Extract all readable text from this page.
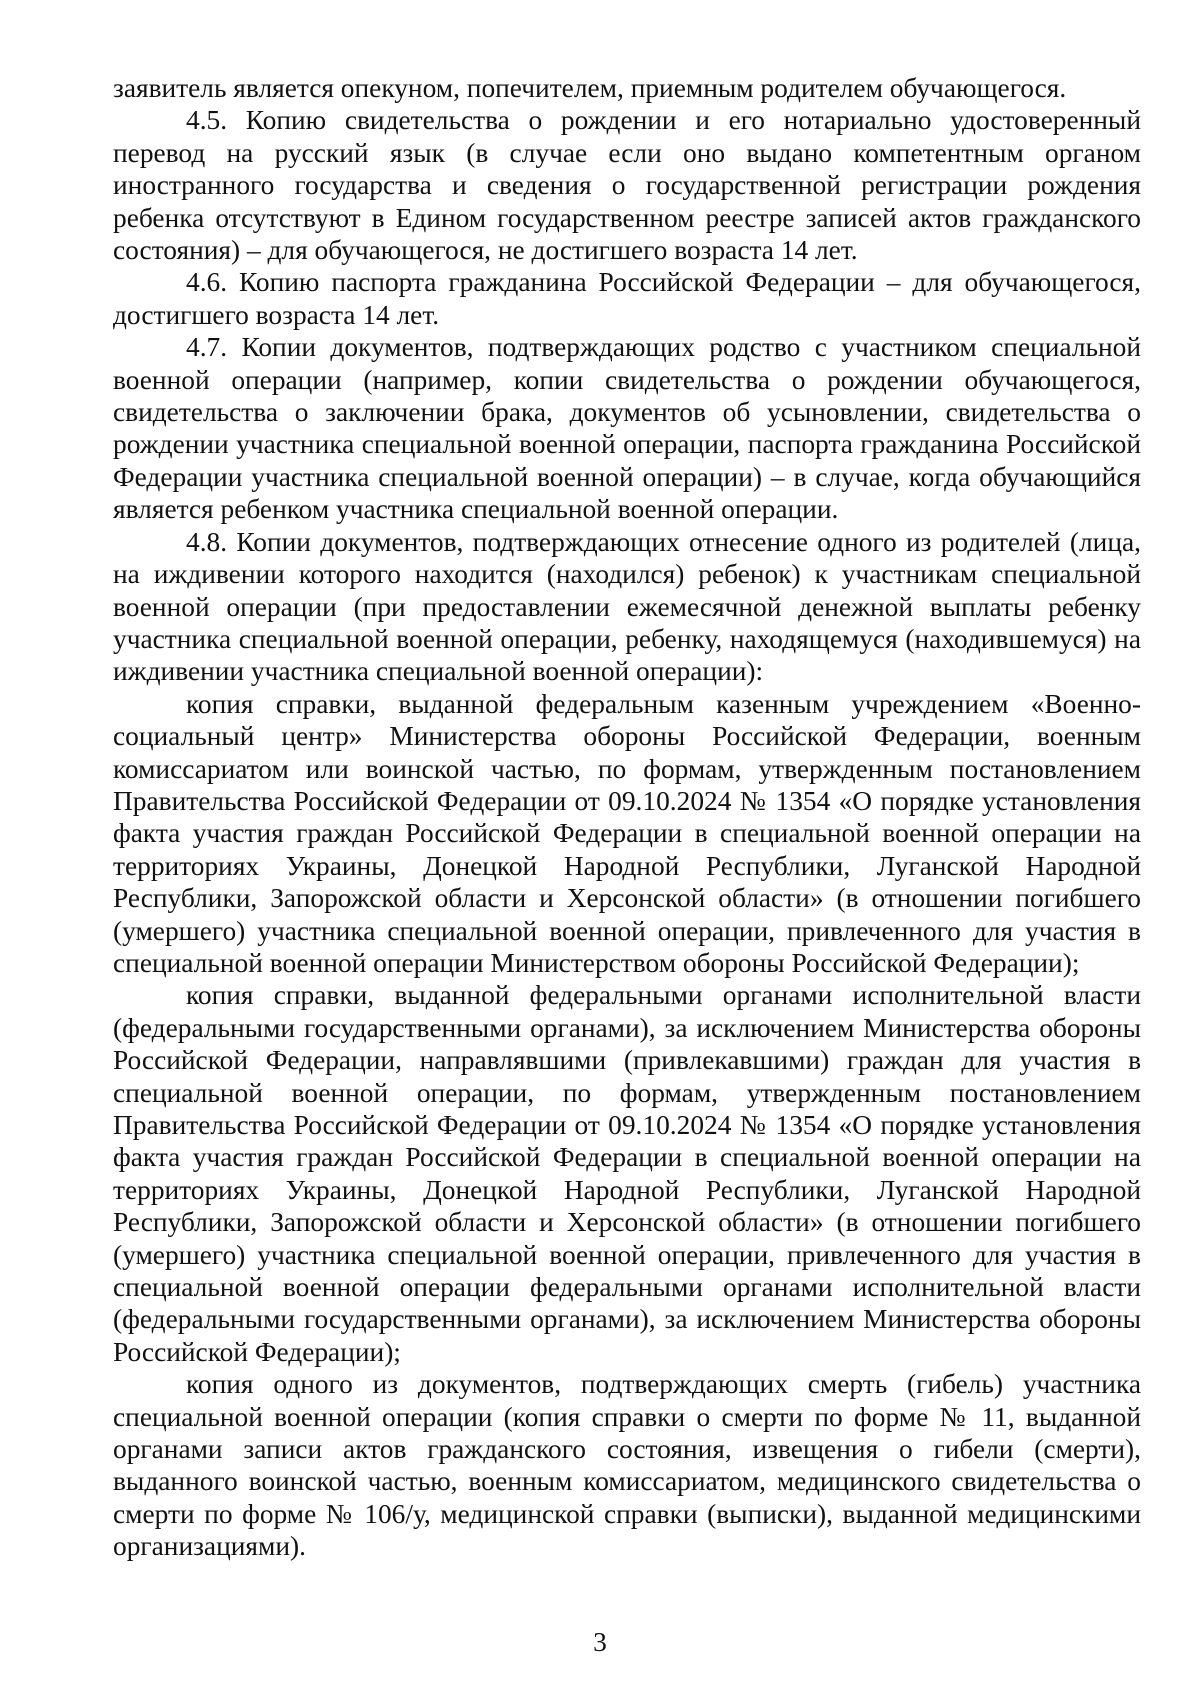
заявитель является опекуном, попечителем, приемным родителем обучающегося.

4.5. Копию свидетельства о рождении и его нотариально удостоверенный перевод на русский язык (в случае если оно выдано компетентным органом иностранного государства и сведения о государственной регистрации рождения ребенка отсутствуют в Едином государственном реестре записей актов гражданского состояния) – для обучающегося, не достигшего возраста 14 лет.

4.6. Копию паспорта гражданина Российской Федерации – для обучающегося, достигшего возраста 14 лет.

4.7. Копии документов, подтверждающих родство с участником специальной военной операции (например, копии свидетельства о рождении обучающегося, свидетельства о заключении брака, документов об усыновлении, свидетельства о рождении участника специальной военной операции, паспорта гражданина Российской Федерации участника специальной военной операции) – в случае, когда обучающийся является ребенком участника специальной военной операции.

4.8. Копии документов, подтверждающих отнесение одного из родителей (лица, на иждивении которого находится (находился) ребенок) к участникам специальной военной операции (при предоставлении ежемесячной денежной выплаты ребенку участника специальной военной операции, ребенку, находящемуся (находившемуся) на иждивении участника специальной военной операции):

копия справки, выданной федеральным казенным учреждением «Военно-социальный центр» Министерства обороны Российской Федерации, военным комиссариатом или воинской частью, по формам, утвержденным постановлением Правительства Российской Федерации от 09.10.2024 № 1354 «О порядке установления факта участия граждан Российской Федерации в специальной военной операции на территориях Украины, Донецкой Народной Республики, Луганской Народной Республики, Запорожской области и Херсонской области» (в отношении погибшего (умершего) участника специальной военной операции, привлеченного для участия в специальной военной операции Министерством обороны Российской Федерации);

копия справки, выданной федеральными органами исполнительной власти (федеральными государственными органами), за исключением Министерства обороны Российской Федерации, направлявшими (привлекавшими) граждан для участия в специальной военной операции, по формам, утвержденным постановлением Правительства Российской Федерации от 09.10.2024 № 1354 «О порядке установления факта участия граждан Российской Федерации в специальной военной операции на территориях Украины, Донецкой Народной Республики, Луганской Народной Республики, Запорожской области и Херсонской области» (в отношении погибшего (умершего) участника специальной военной операции, привлеченного для участия в специальной военной операции федеральными органами исполнительной власти (федеральными государственными органами), за исключением Министерства обороны Российской Федерации);

копия одного из документов, подтверждающих смерть (гибель) участника специальной военной операции (копия справки о смерти по форме № 11, выданной органами записи актов гражданского состояния, извещения о гибели (смерти), выданного воинской частью, военным комиссариатом, медицинского свидетельства о смерти по форме № 106/у, медицинской справки (выписки), выданной медицинскими организациями).

3
